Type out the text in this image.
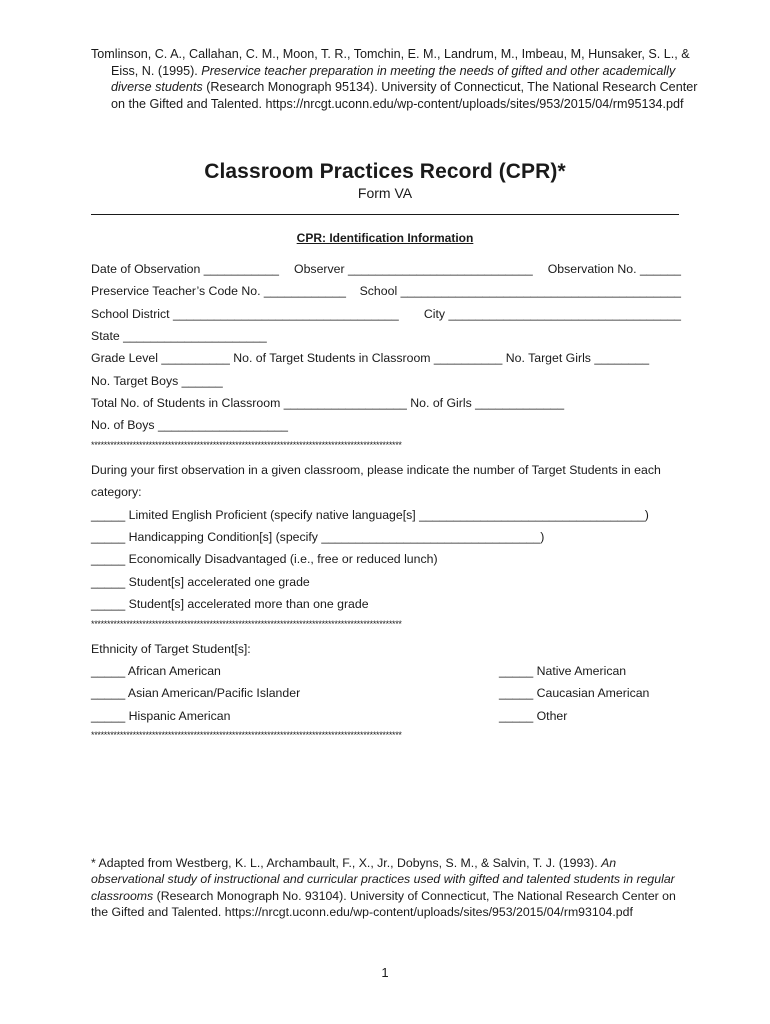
Tomlinson, C. A., Callahan, C. M., Moon, T. R., Tomchin, E. M., Landrum, M., Imbeau, M, Hunsaker, S. L., & Eiss, N. (1995). Preservice teacher preparation in meeting the needs of gifted and other academically diverse students (Research Monograph 95134). University of Connecticut, The National Research Center on the Gifted and Talented. https://nrcgt.uconn.edu/wp-content/uploads/sites/953/2015/04/rm95134.pdf
Classroom Practices Record (CPR)*
Form VA
CPR: Identification Information
Date of Observation ___________ Observer ___________________________ Observation No. ______
Preservice Teacher’s Code No. ____________ School _________________________________________
School District _________________________________ City __________________________________
State _____________________
Grade Level __________ No. of Target Students in Classroom __________ No. Target Girls ________
No. Target Boys ______
Total No. of Students in Classroom __________________ No. of Girls _____________
No. of Boys ___________________
*************************************************************************************************
During your first observation in a given classroom, please indicate the number of Target Students in each
category:
_____ Limited English Proficient (specify native language[s] _________________________________)
_____ Handicapping Condition[s] (specify ________________________________)
_____ Economically Disadvantaged (i.e., free or reduced lunch)
_____ Student[s] accelerated one grade
_____ Student[s] accelerated more than one grade
*************************************************************************************************
Ethnicity of Target Student[s]:
_____ African American	_____ Native American
_____ Asian American/Pacific Islander	_____ Caucasian American
_____ Hispanic American	_____ Other
*************************************************************************************************
* Adapted from Westberg, K. L., Archambault, F., X., Jr., Dobyns, S. M., & Salvin, T. J. (1993). An observational study of instructional and curricular practices used with gifted and talented students in regular classrooms (Research Monograph No. 93104). University of Connecticut, The National Research Center on the Gifted and Talented. https://nrcgt.uconn.edu/wp-content/uploads/sites/953/2015/04/rm93104.pdf
1
